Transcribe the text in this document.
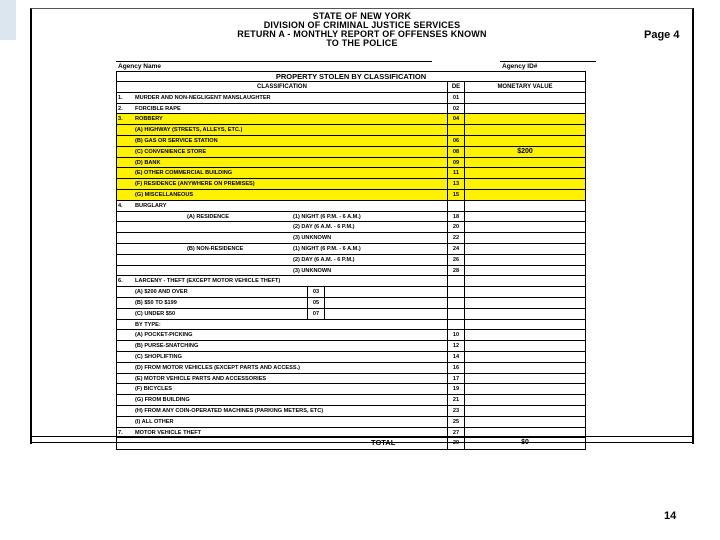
STATE OF NEW YORK
DIVISION OF CRIMINAL JUSTICE SERVICES
RETURN A - MONTHLY REPORT OF OFFENSES KNOWN
TO THE POLICE
Page 4
Agency Name	Agency ID#
PROPERTY STOLEN BY CLASSIFICATION
CLASSIFICATION	DE	MONETARY VALUE
1.	MURDER AND NON-NEGLIGENT MANSLAUGHTER	01
2.	FORCIBLE RAPE	02
3.	ROBBERY	04
(A) HIGHWAY (STREETS, ALLEYS, ETC.)
(B) GAS OR SERVICE STATION	06
(C) CONVENIENCE STORE	08	$200
(D) BANK	09
(E) OTHER COMMERCIAL BUILDING	11
(F) RESIDENCE (ANYWHERE ON PREMISES)	13
(G) MISCELLANEOUS	15
4.	BURGLARY
(A) RESIDENCE	(1) NIGHT (6 P.M. - 6 A.M.)	18
(2) DAY (6 A.M. - 6 P.M.)	20
(3) UNKNOWN	22
(B) NON-RESIDENCE	(1) NIGHT (6 P.M. - 6 A.M.)	24
(2) DAY (6 A.M. - 6 P.M.)	26
(3) UNKNOWN	28
6.	LARCENY - THEFT (EXCEPT MOTOR VEHICLE THEFT)
(A) $200 AND OVER	03
(B) $50 TO $199	05
(C) UNDER $50	07
BY TYPE:
(A) POCKET-PICKING	10
(B) PURSE-SNATCHING	12
(C) SHOPLIFTING	14
(D) FROM MOTOR VEHICLES (EXCEPT PARTS AND ACCESS.)	16
(E) MOTOR VEHICLE PARTS AND ACCESSORIES	17
(F) BICYCLES	19
(G) FROM BUILDING	21
(H) FROM ANY COIN-OPERATED MACHINES (PARKING METERS, ETC)	23
(I) ALL OTHER	25
7.	MOTOR VEHICLE THEFT	27
TOTAL	29	$0
14
